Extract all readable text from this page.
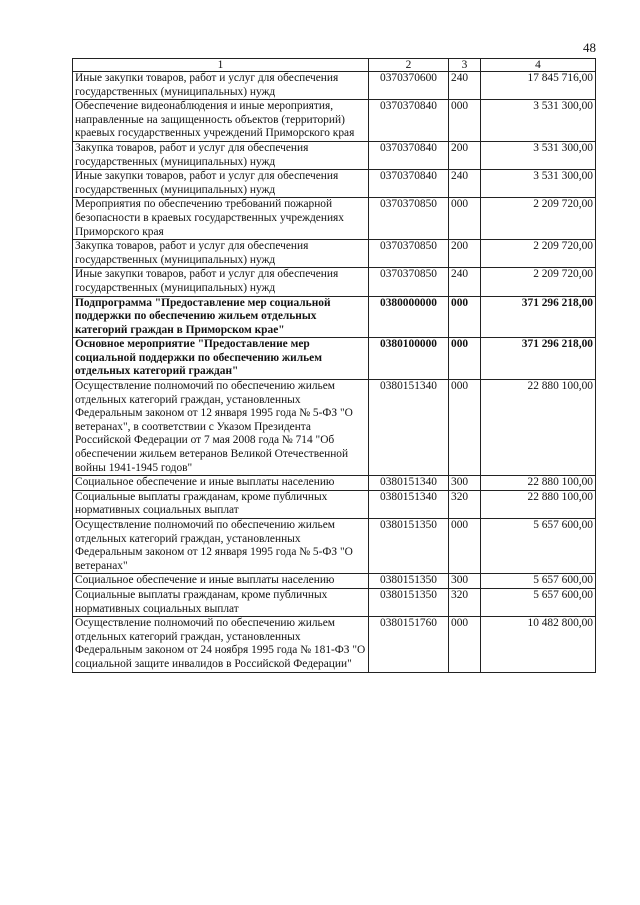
48
1	2	3	4
Иные закупки товаров, работ и услуг для обеспечения государственных (муниципальных) нужд	0370370600	240	17 845 716,00
Обеспечение видеонаблюдения и иные мероприятия, направленные на защищенность объектов (территорий) краевых государственных учреждений Приморского края	0370370840	000	3 531 300,00
Закупка товаров, работ и услуг для обеспечения государственных (муниципальных) нужд	0370370840	200	3 531 300,00
Иные закупки товаров, работ и услуг для обеспечения государственных (муниципальных) нужд	0370370840	240	3 531 300,00
Мероприятия по обеспечению требований пожарной безопасности в краевых государственных учреждениях Приморского края	0370370850	000	2 209 720,00
Закупка товаров, работ и услуг для обеспечения государственных (муниципальных) нужд	0370370850	200	2 209 720,00
Иные закупки товаров, работ и услуг для обеспечения государственных (муниципальных) нужд	0370370850	240	2 209 720,00
Подпрограмма "Предоставление мер социальной поддержки по обеспечению жильем отдельных категорий граждан в Приморском крае"	0380000000	000	371 296 218,00
Основное мероприятие "Предоставление мер социальной поддержки по обеспечению жильем отдельных категорий граждан"	0380100000	000	371 296 218,00
Осуществление полномочий по обеспечению жильем отдельных категорий граждан, установленных Федеральным законом от 12 января 1995 года № 5-ФЗ "О ветеранах", в соответствии с Указом Президента Российской Федерации от 7 мая 2008 года № 714 "Об обеспечении жильем ветеранов Великой Отечественной войны 1941-1945 годов"	0380151340	000	22 880 100,00
Социальное обеспечение и иные выплаты населению	0380151340	300	22 880 100,00
Социальные выплаты гражданам, кроме публичных нормативных социальных выплат	0380151340	320	22 880 100,00
Осуществление полномочий по обеспечению жильем отдельных категорий граждан, установленных Федеральным законом от 12 января 1995 года № 5-ФЗ "О ветеранах"	0380151350	000	5 657 600,00
Социальное обеспечение и иные выплаты населению	0380151350	300	5 657 600,00
Социальные выплаты гражданам, кроме публичных нормативных социальных выплат	0380151350	320	5 657 600,00
Осуществление полномочий по обеспечению жильем отдельных категорий граждан, установленных Федеральным законом от 24 ноября 1995 года № 181-ФЗ "О социальной защите инвалидов в Российской Федерации"	0380151760	000	10 482 800,00
